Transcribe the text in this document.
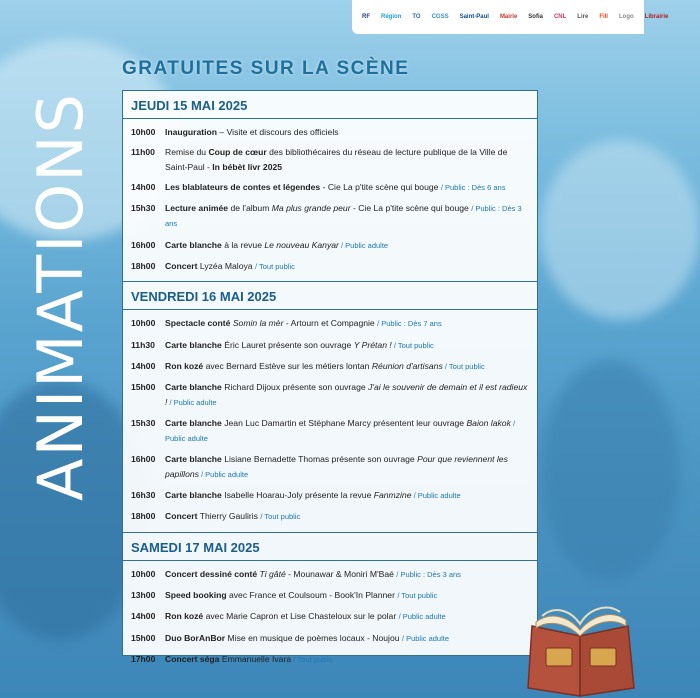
RF	Région	TO	CGSS	Saint-Paul	Mairie	Sofia	CNL	Lire	Fill	Logo	Librairie
ANIMATIONS
GRATUITES SUR LA SCÈNE
JEUDI 15 MAI 2025
10h00	Inauguration – Visite et discours des officiels
11h00	Remise du Coup de cœur des bibliothécaires du réseau de lecture publique de la Ville de Saint-Paul - In bébèt livr 2025
14h00	Les blablateurs de contes et légendes - Cie La p'tite scène qui bouge / Public : Dès 6 ans
15h30	Lecture animée de l'album Ma plus grande peur - Cie La p'tite scène qui bouge / Public : Dès 3 ans
16h00	Carte blanche à la revue Le nouveau Kanyar / Public adulte
18h00	Concert Lyzéa Maloya / Tout public
VENDREDI 16 MAI 2025
10h00	Spectacle conté Somin la mèr - Artourn et Compagnie / Public : Dès 7 ans
11h30	Carte blanche Éric Lauret présente son ouvrage Y Prétan ! / Tout public
14h00	Ron kozé avec Bernard Estève sur les métiers lontan Réunion d'artisans / Tout public
15h00	Carte blanche Richard Dijoux présente son ouvrage J'ai le souvenir de demain et il est radieux ! / Public adulte
15h30	Carte blanche Jean Luc Damartin et Stéphane Marcy présentent leur ouvrage Baion lakok / Public adulte
16h00	Carte blanche Lisiane Bernadette Thomas présente son ouvrage Pour que reviennent les papillons / Public adulte
16h30	Carte blanche Isabelle Hoarau-Joly présente la revue Fanmzine / Public adulte
18h00	Concert Thierry Gauliris / Tout public
SAMEDI 17 MAI 2025
10h00	Concert dessiné conté Ti gâté - Mounawar & Moniri M'Baé / Public : Dès 3 ans
13h00	Speed booking avec France et Coulsoum - Book'In Planner / Tout public
14h00	Ron kozé avec Marie Capron et Lise Chasteloux sur le polar / Public adulte
15h00	Duo BorAnBor Mise en musique de poèmes locaux - Noujou / Public adulte
17h00	Concert séga Emmanuelle Ivara / Tout public
